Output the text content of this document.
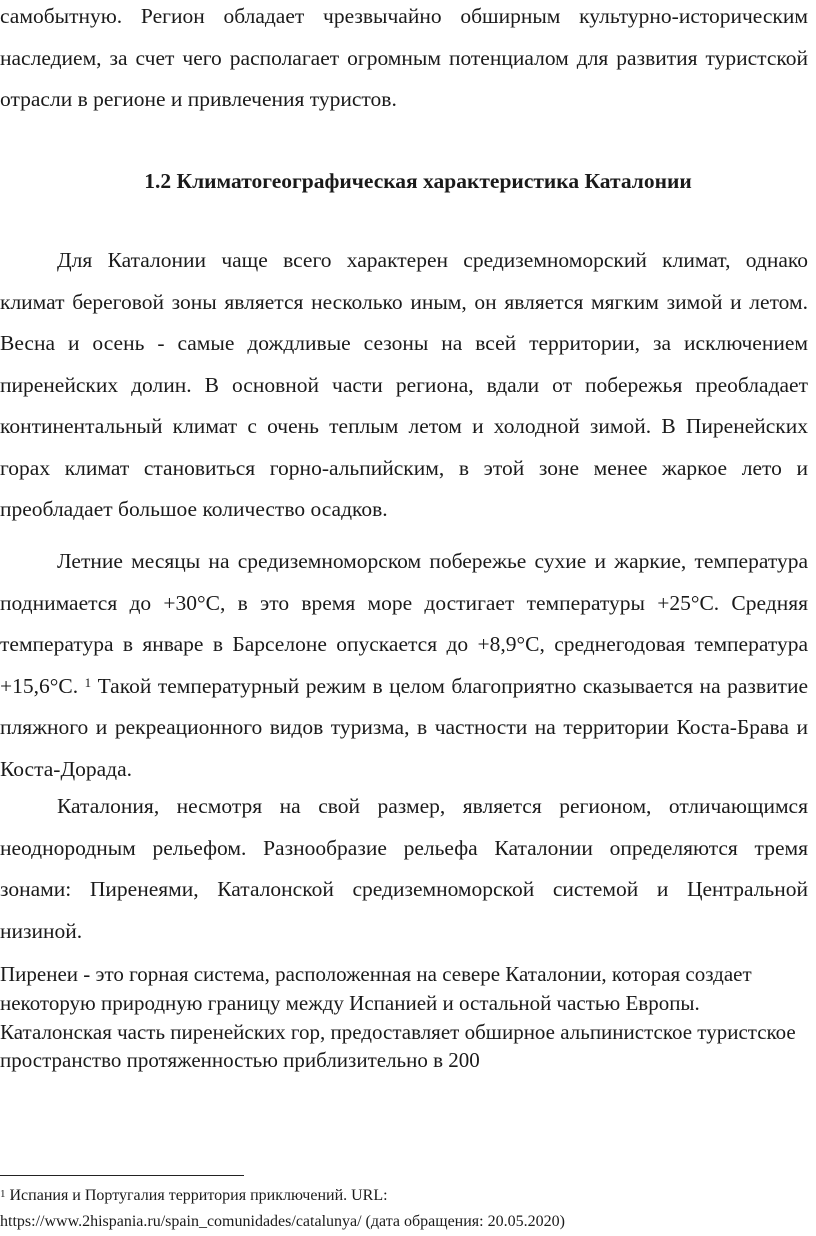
самобытную. Регион обладает чрезвычайно обширным культурно-историческим наследием, за счет чего располагает огромным потенциалом для развития туристской отрасли в регионе и привлечения туристов.

1.2 Климатогеографическая характеристика Каталонии

Для Каталонии чаще всего характерен средиземноморский климат, однако климат береговой зоны является несколько иным, он является мягким зимой и летом. Весна и осень - самые дождливые сезоны на всей территории, за исключением пиренейских долин. В основной части региона, вдали от побережья преобладает континентальный климат с очень теплым летом и холодной зимой. В Пиренейских горах климат становиться горно-альпийским, в этой зоне менее жаркое лето и преобладает большое количество осадков.

Летние месяцы на средиземноморском побережье сухие и жаркие, температура поднимается до +30°C, в это время море достигает температуры +25°C. Средняя температура в январе в Барселоне опускается до +8,9°C, среднегодовая температура +15,6°C. $^1$ Такой температурный режим в целом благоприятно сказывается на развитие пляжного и рекреационного видов туризма, в частности на территории Коста-Брава и Коста-Дорада.

Каталония, несмотря на свой размер, является регионом, отличающимся неоднородным рельефом. Разнообразие рельефа Каталонии определяются тремя зонами: Пиренеями, Каталонской средиземноморской системой и Центральной низиной.

Пиренеи - это горная система, расположенная на севере Каталонии, которая создает некоторую природную границу между Испанией и остальной частью Европы. Каталонская часть пиренейских гор, предоставляет обширное альпинистское туристское пространство протяженностью приблизительно в 200

$^1$ Испания и Португалия территория приключений. URL:
https://www.2hispania.ru/spain_comunidades/catalunya/ (дата обращения: 20.05.2020)
